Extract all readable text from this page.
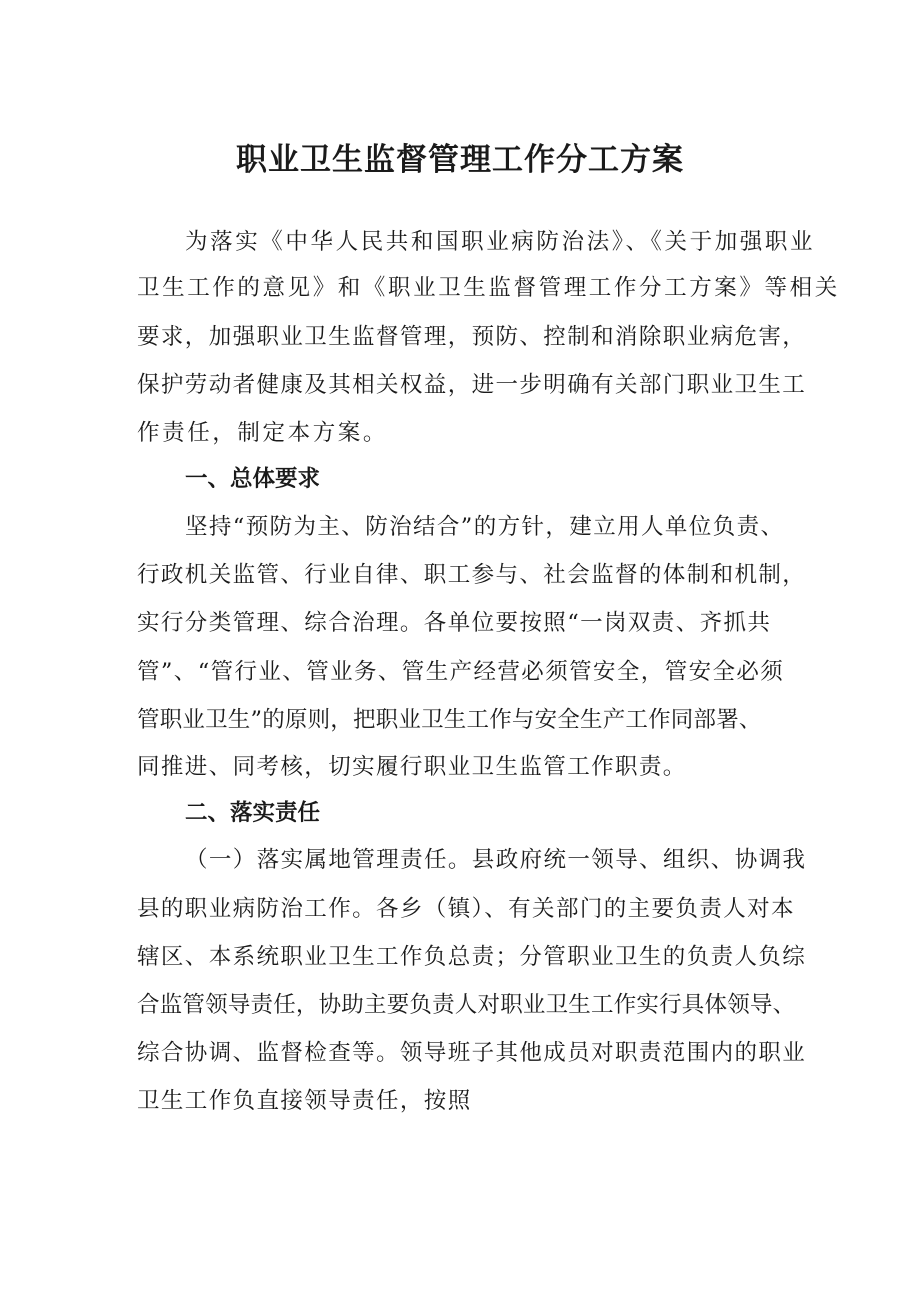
职业卫生监督管理工作分工方案
为落实《中华人民共和国职业病防治法》、《关于加强职业
卫生工作的意见》和《职业卫生监督管理工作分工方案》等相关
要求，加强职业卫生监督管理，预防、控制和消除职业病危害，
保护劳动者健康及其相关权益，进一步明确有关部门职业卫生工
作责任，制定本方案。
一、总体要求
坚持“预防为主、防治结合”的方针，建立用人单位负责、
行政机关监管、行业自律、职工参与、社会监督的体制和机制，
实行分类管理、综合治理。各单位要按照“一岗双责、齐抓共
管”、“管行业、管业务、管生产经营必须管安全，管安全必须
管职业卫生”的原则，把职业卫生工作与安全生产工作同部署、
同推进、同考核，切实履行职业卫生监管工作职责。
二、落实责任
（一）落实属地管理责任。县政府统一领导、组织、协调我
县的职业病防治工作。各乡（镇）、有关部门的主要负责人对本
辖区、本系统职业卫生工作负总责；分管职业卫生的负责人负综
合监管领导责任，协助主要负责人对职业卫生工作实行具体领导、
综合协调、监督检查等。领导班子其他成员对职责范围内的职业
卫生工作负直接领导责任，按照
